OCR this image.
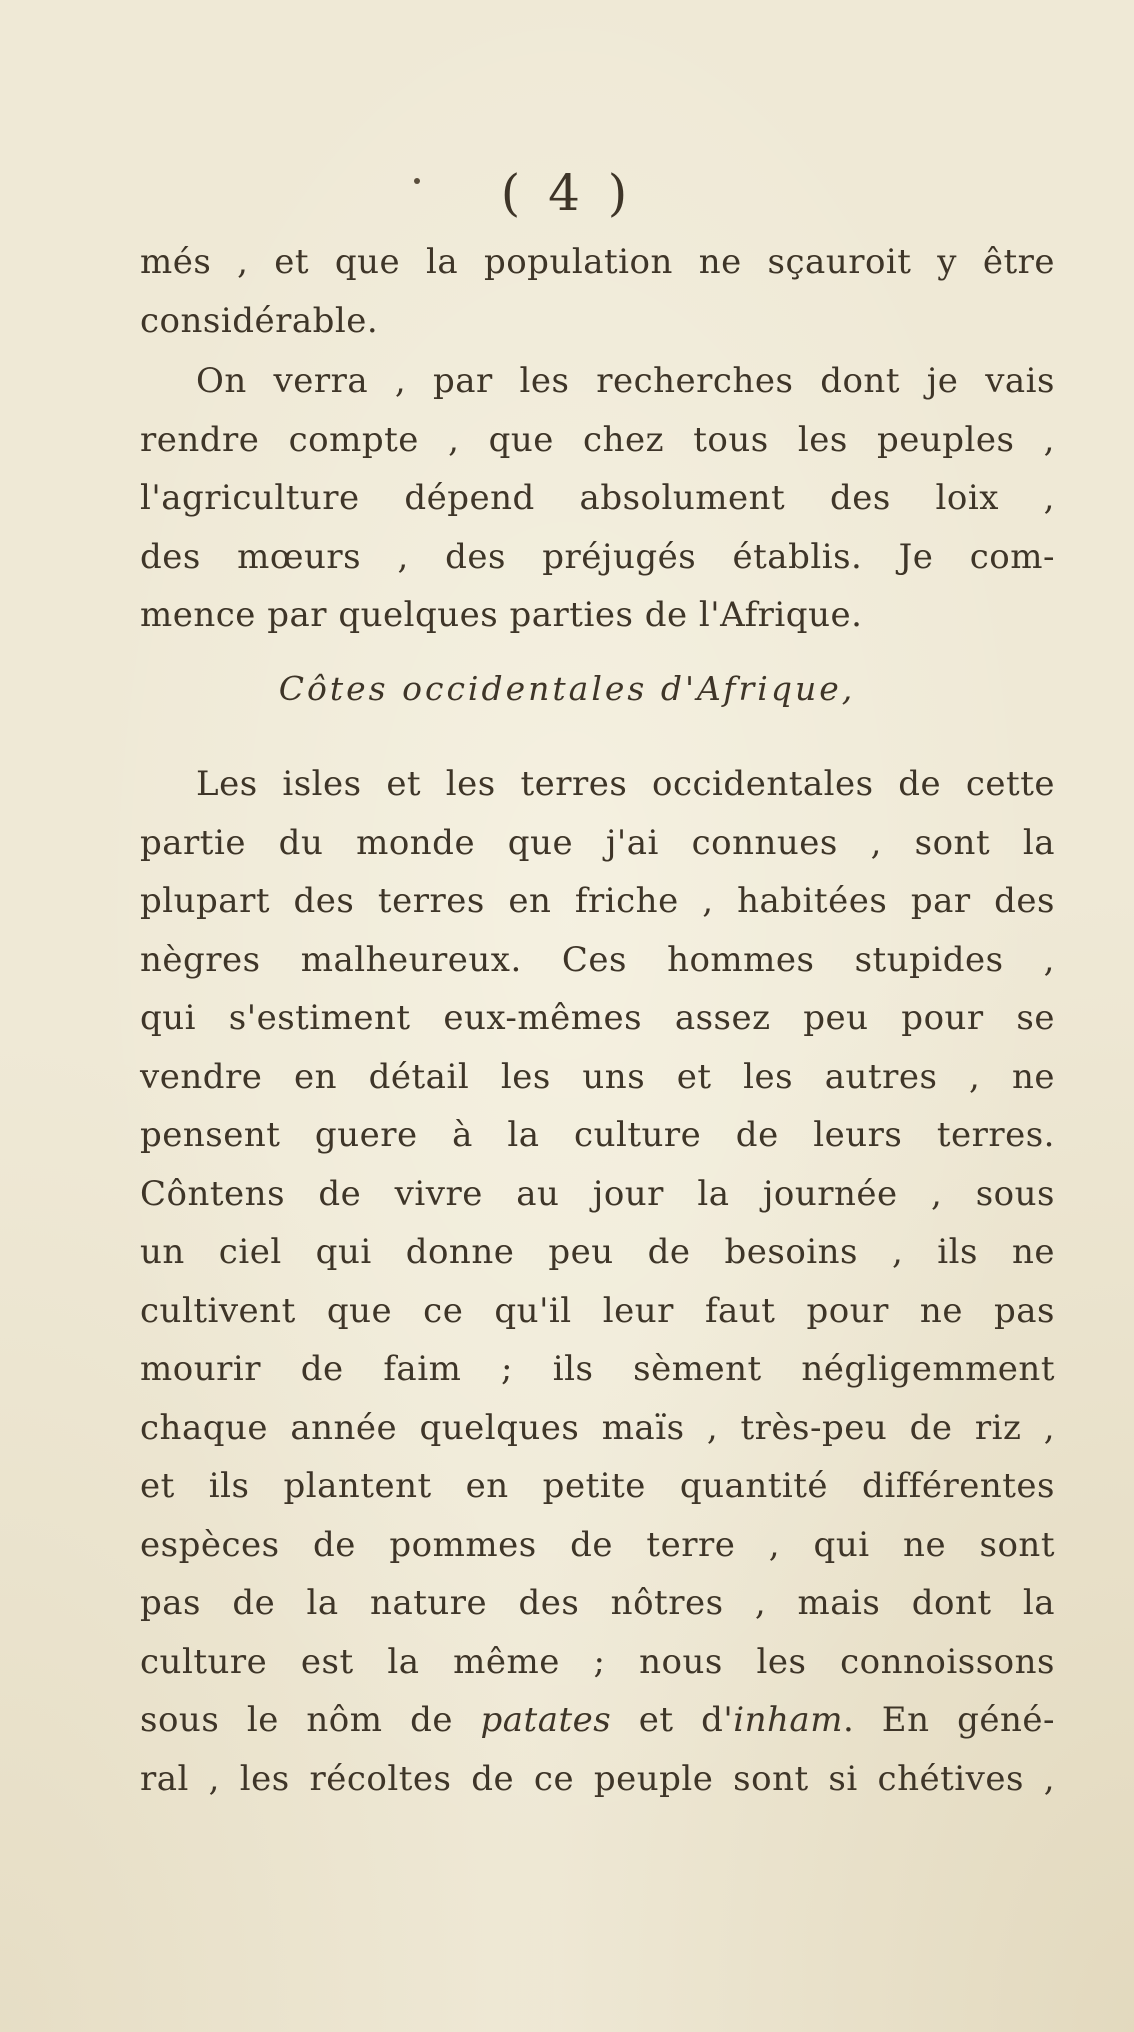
( 4 )
més , et que la population ne sçauroit y être
considérable.
On verra , par les recherches dont je vais
rendre compte , que chez tous les peuples ,
l'agriculture dépend absolument des loix ,
des mœurs , des préjugés établis. Je com-
mence par quelques parties de l'Afrique.
Côtes occidentales d'Afrique,
Les isles et les terres occidentales de cette
partie du monde que j'ai connues , sont la
plupart des terres en friche , habitées par des
nègres malheureux. Ces hommes stupides ,
qui s'estiment eux-mêmes assez peu pour se
vendre en détail les uns et les autres , ne
pensent guere à la culture de leurs terres.
Côntens de vivre au jour la journée , sous
un ciel qui donne peu de besoins , ils ne
cultivent que ce qu'il leur faut pour ne pas
mourir de faim ; ils sèment négligemment
chaque année quelques maïs , très-peu de riz ,
et ils plantent en petite quantité différentes
espèces de pommes de terre , qui ne sont
pas de la nature des nôtres , mais dont la
culture est la même ; nous les connoissons
sous le nôm de patates et d'inham. En géné-
ral , les récoltes de ce peuple sont si chétives ,
